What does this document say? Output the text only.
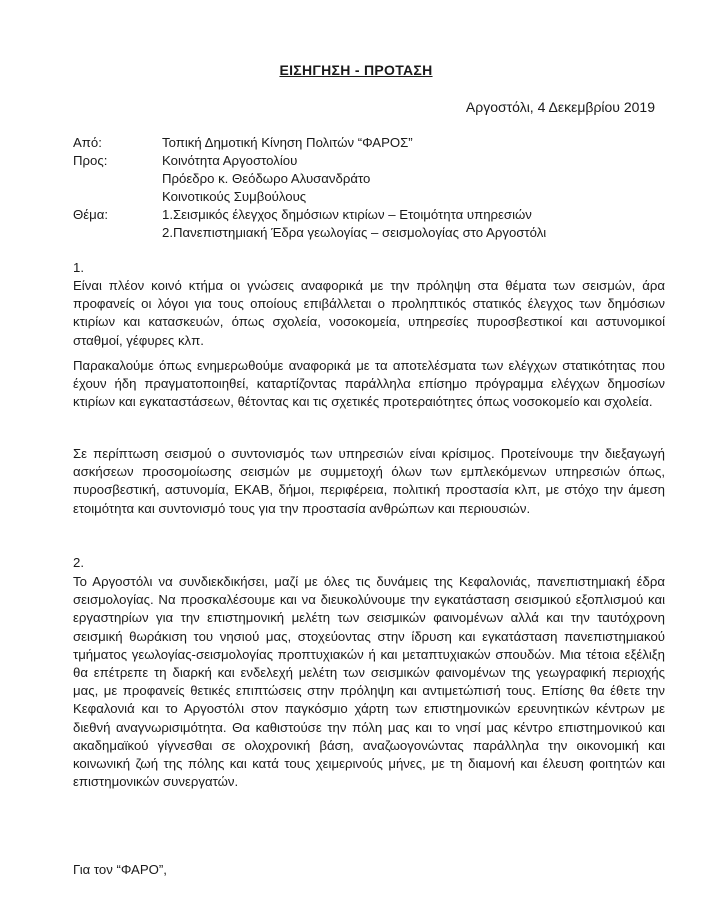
ΕΙΣΗΓΗΣΗ - ΠΡΟΤΑΣΗ
Αργοστόλι, 4 Δεκεμβρίου 2019
Από:	Τοπική Δημοτική Κίνηση Πολιτών “ΦΑΡΟΣ”
Προς:	Κοινότητα Αργοστολίου
Πρόεδρο κ. Θεόδωρο Αλυσανδράτο
Κοινοτικούς Συμβούλους
Θέμα:	1.Σεισμικός έλεγχος δημόσιων κτιρίων – Ετοιμότητα υπηρεσιών
2.Πανεπιστημιακή Έδρα γεωλογίας – σεισμολογίας στο Αργοστόλι
1.
Είναι πλέον κοινό κτήμα οι γνώσεις αναφορικά με την πρόληψη στα θέματα των σεισμών, άρα προφανείς οι λόγοι για τους οποίους επιβάλλεται ο προληπτικός στατικός έλεγχος των δημόσιων κτιρίων και κατασκευών, όπως σχολεία, νοσοκομεία, υπηρεσίες πυροσβεστικοί και αστυνομικοί σταθμοί, γέφυρες κλπ.
Παρακαλούμε όπως ενημερωθούμε αναφορικά με τα αποτελέσματα των ελέγχων στατικότητας που έχουν ήδη πραγματοποιηθεί, καταρτίζοντας παράλληλα επίσημο πρόγραμμα ελέγχων δημοσίων κτιρίων και εγκαταστάσεων, θέτοντας και τις σχετικές προτεραιότητες όπως νοσοκομείο και σχολεία.
Σε περίπτωση σεισμού ο συντονισμός των υπηρεσιών είναι κρίσιμος. Προτείνουμε την διεξαγωγή ασκήσεων προσομοίωσης σεισμών με συμμετοχή όλων των εμπλεκόμενων υπηρεσιών όπως, πυροσβεστική, αστυνομία, ΕΚΑΒ, δήμοι, περιφέρεια, πολιτική προστασία κλπ, με στόχο την άμεση ετοιμότητα και συντονισμό τους για την προστασία ανθρώπων και περιουσιών.
2.
Το Αργοστόλι να συνδιεκδικήσει, μαζί με όλες τις δυνάμεις της Κεφαλονιάς, πανεπιστημιακή έδρα σεισμολογίας. Να προσκαλέσουμε και να διευκολύνουμε την εγκατάσταση σεισμικού εξοπλισμού και εργαστηρίων για την επιστημονική μελέτη των σεισμικών φαινομένων αλλά και την ταυτόχρονη σεισμική θωράκιση του νησιού μας, στοχεύοντας στην ίδρυση και εγκατάσταση πανεπιστημιακού τμήματος γεωλογίας-σεισμολογίας προπτυχιακών ή και μεταπτυχιακών σπουδών. Μια τέτοια εξέλιξη θα επέτρεπε τη διαρκή και ενδελεχή μελέτη των σεισμικών φαινομένων της γεωγραφική περιοχής μας, με προφανείς θετικές επιπτώσεις στην πρόληψη και αντιμετώπισή τους. Επίσης θα έθετε την Κεφαλονιά και το Αργοστόλι στον παγκόσμιο χάρτη των επιστημονικών ερευνητικών κέντρων με διεθνή αναγνωρισιμότητα. Θα καθιστούσε την πόλη μας και το νησί μας κέντρο επιστημονικού και ακαδημαϊκού γίγνεσθαι σε ολοχρονική βάση, αναζωογονώντας παράλληλα την οικονομική και κοινωνική ζωή της πόλης και κατά τους χειμερινούς μήνες, με τη διαμονή και έλευση φοιτητών και επιστημονικών συνεργατών.
Για τον “ΦΑΡΟ”,
